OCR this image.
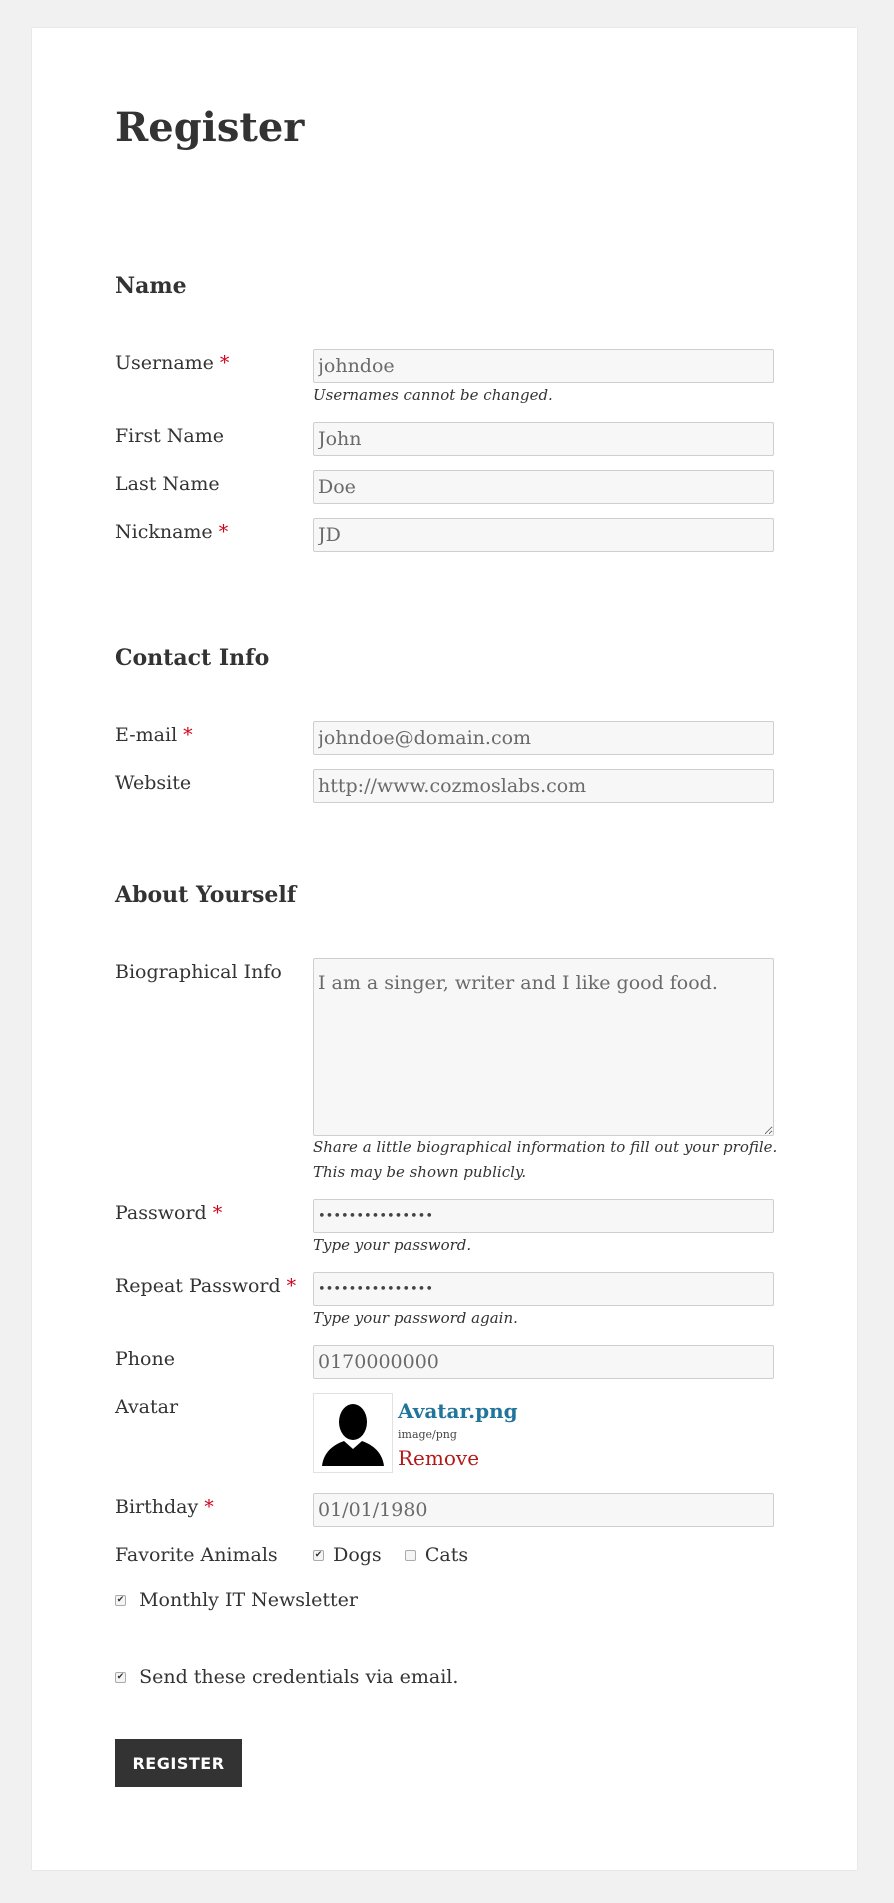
Register
Name
Username *
johndoe
Usernames cannot be changed.
First Name
John
Last Name
Doe
Nickname *
JD
Contact Info
E-mail *
johndoe@domain.com
Website
http://www.cozmoslabs.com
About Yourself
Biographical Info
I am a singer, writer and I like good food.
Share a little biographical information to fill out your profile.
This may be shown publicly.
Password *
•••••••••••••••
Type your password.
Repeat Password *
•••••••••••••••
Type your password again.
Phone
0170000000
Avatar	Avatar.png
image/png
Remove
Birthday *
01/01/1980
Favorite Animals	✔ Dogs Cats
✔ Monthly IT Newsletter
✔ Send these credentials via email.
REGISTER
